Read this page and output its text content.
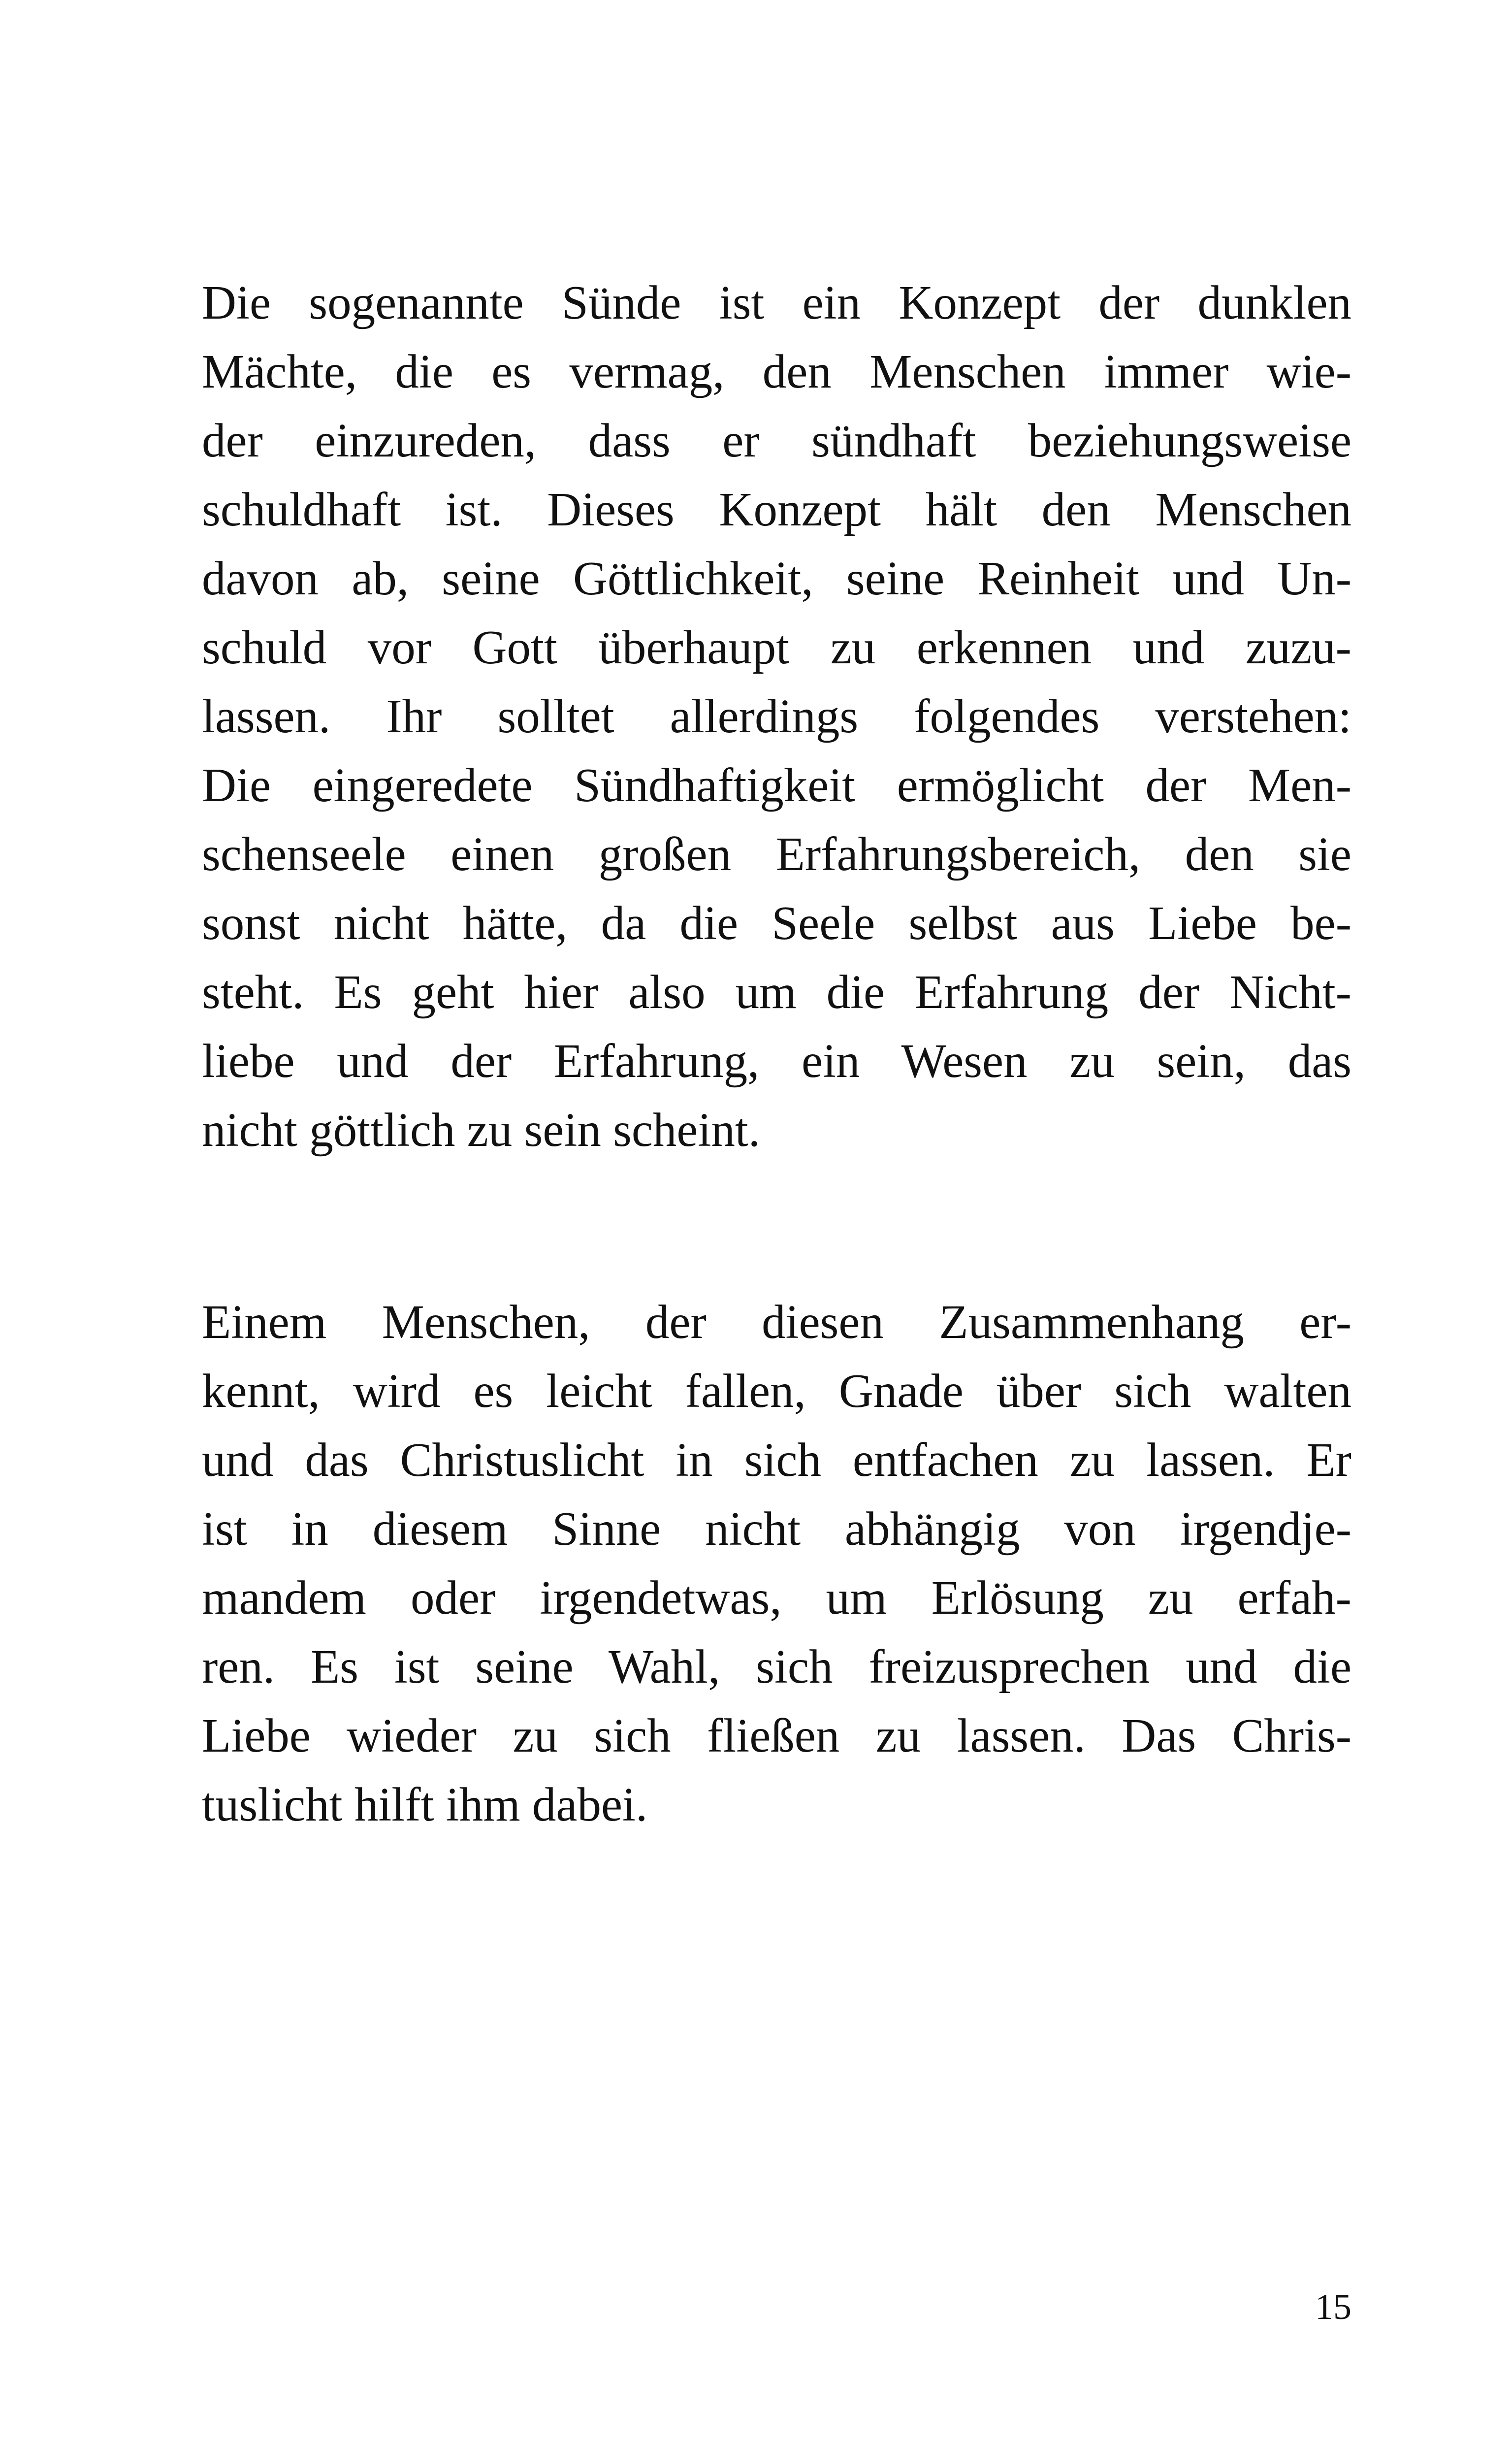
Die sogenannte Sünde ist ein Konzept der dunklen
Mächte, die es vermag, den Menschen immer wie-
der einzureden, dass er sündhaft beziehungsweise
schuldhaft ist. Dieses Konzept hält den Menschen
davon ab, seine Göttlichkeit, seine Reinheit und Un-
schuld vor Gott überhaupt zu erkennen und zuzu-
lassen. Ihr solltet allerdings folgendes verstehen:
Die eingeredete Sündhaftigkeit ermöglicht der Men-
schenseele einen großen Erfahrungsbereich, den sie
sonst nicht hätte, da die Seele selbst aus Liebe be-
steht. Es geht hier also um die Erfahrung der Nicht-
liebe und der Erfahrung, ein Wesen zu sein, das
nicht göttlich zu sein scheint.
Einem Menschen, der diesen Zusammenhang er-
kennt, wird es leicht fallen, Gnade über sich walten
und das Christuslicht in sich entfachen zu lassen. Er
ist in diesem Sinne nicht abhängig von irgendje-
mandem oder irgendetwas, um Erlösung zu erfah-
ren. Es ist seine Wahl, sich freizusprechen und die
Liebe wieder zu sich fließen zu lassen. Das Chris-
tuslicht hilft ihm dabei.
15
